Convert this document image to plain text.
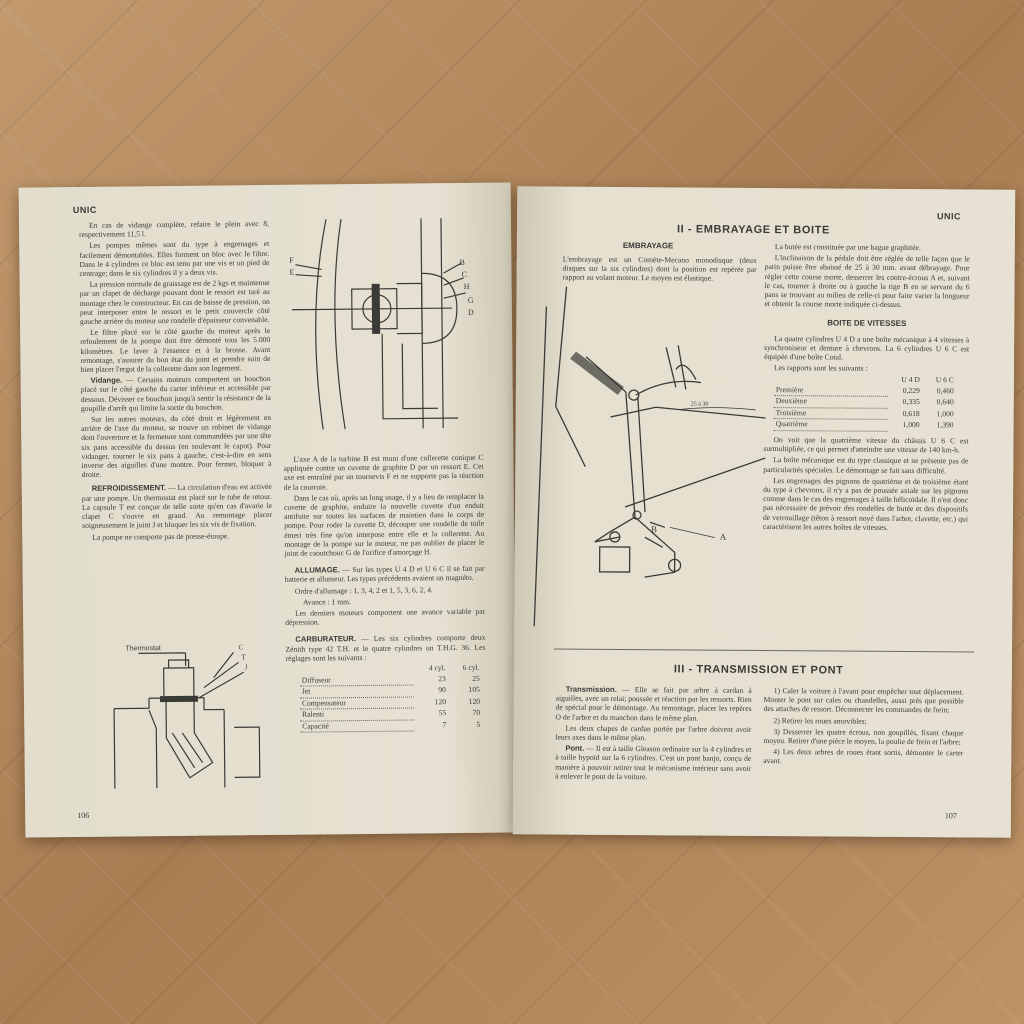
UNIC

En cas de vidange complète, refaire le plein avec 8, respectivement 11,5 l.

Les pompes mêmes sont du type à engrenages et facilement démontables. Elles forment un bloc avec le filtre. Dans le 4 cylindres ce bloc est tenu par une vis et un pied de centrage; dans le six cylindres il y a deux vis.

La pression normale de graissage est de 2 kgs et maintenue par un clapet de décharge pouvant dont le ressort est taré au montage chez le constructeur. En cas de baisse de pression, on peut interposer entre le ressort et le petit couvercle côté gauche arrière du moteur une rondelle d'épaisseur convenable.

Le filtre placé sur le côté gauche du moteur après le refoulement de la pompe doit être démonté tous les 5.000 kilomètres. Le laver à l'essence et à la brosse. Avant remontage, s'assurer du bon état du joint et prendre soin de bien placer l'ergot de la collerette dans son logement.

Vidange. — Certains moteurs comportent un bouchon placé sur le côté gauche du carter inférieur et accessible par dessous. Dévisser ce bouchon jusqu'à sentir la résistance de la goupille d'arrêt qui limite la sortie du bouchon.

Sur les autres moteurs, du côté droit et légèrement en arrière de l'axe du moteur, se trouve un robinet de vidange dont l'ouverture et la fermeture sont commandées par une tête six pans accessible du dessus (en soulevant le capot). Pour vidanger, tourner le six pans à gauche, c'est-à-dire en sens inverse des aiguilles d'une montre. Pour fermer, bloquer à droite.

REFROIDISSEMENT. — La circulation d'eau est activée par une pompe. Un thermostat est placé sur le tube de retour. La capsule T est conçue de telle sorte qu'en cas d'avarie le clapet C s'ouvre en grand. Au remontage placer soigneusement le joint J et bloquer les six vis de fixation.

La pompe ne comporte pas de presse-étoupe.

Thermostat	C
T
J
F
E
B
C
H
G
D

L'axe A de la turbine B est muni d'une collerette conique C appliquée contre un cuvette de graphite D par un ressort E. Cet axe est entraîné par un tournevis F et ne supporte pas la réaction de la courroie.

Dans le cas où, après un long usage, il y a lieu de remplacer la cuvette de graphite, enduire la nouvelle cuvette d'un enduit antifuite sur toutes les surfaces de maintien dans le corps de pompe. Pour roder la cuvette D, découper une rondelle de toile émeri très fine qu'on interpose entre elle et la collerette. Au montage de la pompe sur le moteur, ne pas oublier de placer le joint de caoutchouc G de l'orifice d'amorçage H.

ALLUMAGE. — Sur les types U 4 D et U 6 C il se fait par batterie et allumeur. Les types précédents avaient un magnéto.

Ordre d'allumage : 1, 3, 4, 2 et 1, 5, 3, 6, 2, 4.

Avance : 1 mm.

Les derniers moteurs comportent une avance variable par dépression.

CARBURATEUR. — Les six cylindres comporte deux Zénith type 42 T.H. et le quatre cylindres un T.H.G. 36. Les réglages sont les suivants :

	4 cyl.	6 cyl.
Diffuseur	23	25
Jet	90	105
Compensateur	120	120
Ralenti	55	70
Capacité	7	5
106
II - EMBRAYAGE ET BOITE
UNIC
EMBRAYAGE
L'embrayage est un Comète-Mecano monodisque (deux disques sur la six cylindres) dont la position est repérée par rapport au volant moteur. Le moyen est élastique.
B
A
25 à 30

La butée est constituée par une bague graphitée.

L'inclinaison de la pédale doit être réglée de telle façon que le patin puisse être abaissé de 25 à 30 mm. avant débrayage. Pour régler cette course morte, desserrer les contre-écrous A et, suivant le cas, tourner à droite ou à gauche la tige B en se servant du 6 pans se trouvant au milieu de celle-ci pour faire varier la longueur et obtenir la course morte indiquée ci-dessus.

BOITE DE VITESSES

La quatre cylindres U 4 D a une boîte mécanique à 4 vitesses à synchroniseur et denture à chevrons. La 6 cylindres U 6 C est équipée d'une boîte Cotal.

Les rapports sont les suivants :

	U 4 D	U 6 C
Première	0,229	0,460
Deuxième	0,335	0,640
Troisième	0,618	1,000
Quatrième	1,000	1,390

On voit que la quatrième vitesse du châssis U 6 C est surmultipliée, ce qui permet d'atteindre une vitesse de 140 km-h.

La boîte mécanique est du type classique et ne présente pas de particularités spéciales. Le démontage se fait sans difficulté.

Les engrenages des pignons de quatrième et de troisième étant du type à chevrons, il n'y a pas de poussée axiale sur les pignons comme dans le cas des engrenages à taille hélicoïdale. Il n'est donc pas nécessaire de prévoir des rondelles de butée et des dispositifs de verrouillage (têton à ressort noyé dans l'arbre, clavette, etc.) qui caractérisent les autres boîtes de vitesses.

III - TRANSMISSION ET PONT

Transmission. — Elle se fait par arbre à cardan à aiguilles, avec un relai; poussée et réaction par les ressorts. Rien de spécial pour le démontage. Au remontage, placer les repères O de l'arbre et du manchon dans le même plan.

Les deux chapes de cardan portée par l'arbre doivent avoir leurs axes dans le même plan.

Pont. — Il est à taille Gleason ordinaire sur la 4 cylindres et à taille hypoïd sur la 6 cylindres. C'est un pont banjo, conçu de manière à pouvoir retirer tout le mécanisme intérieur sans avoir à enlever le pont de la voiture.

1) Caler la voiture à l'avant pour empêcher tout déplacement. Monter le pont sur cales ou chandelles, aussi près que possible des attaches de ressort. Déconnecter les commandes de frein;

2) Retirer les roues amovibles;

3) Desserrer les quatre écrous, non goupillés, fixant chaque moyeu. Retirer d'une pièce le moyen, la poulie de frein et l'arbre;

4) Les deux arbres de roues étant sortis, démonter le carter avant.

107
